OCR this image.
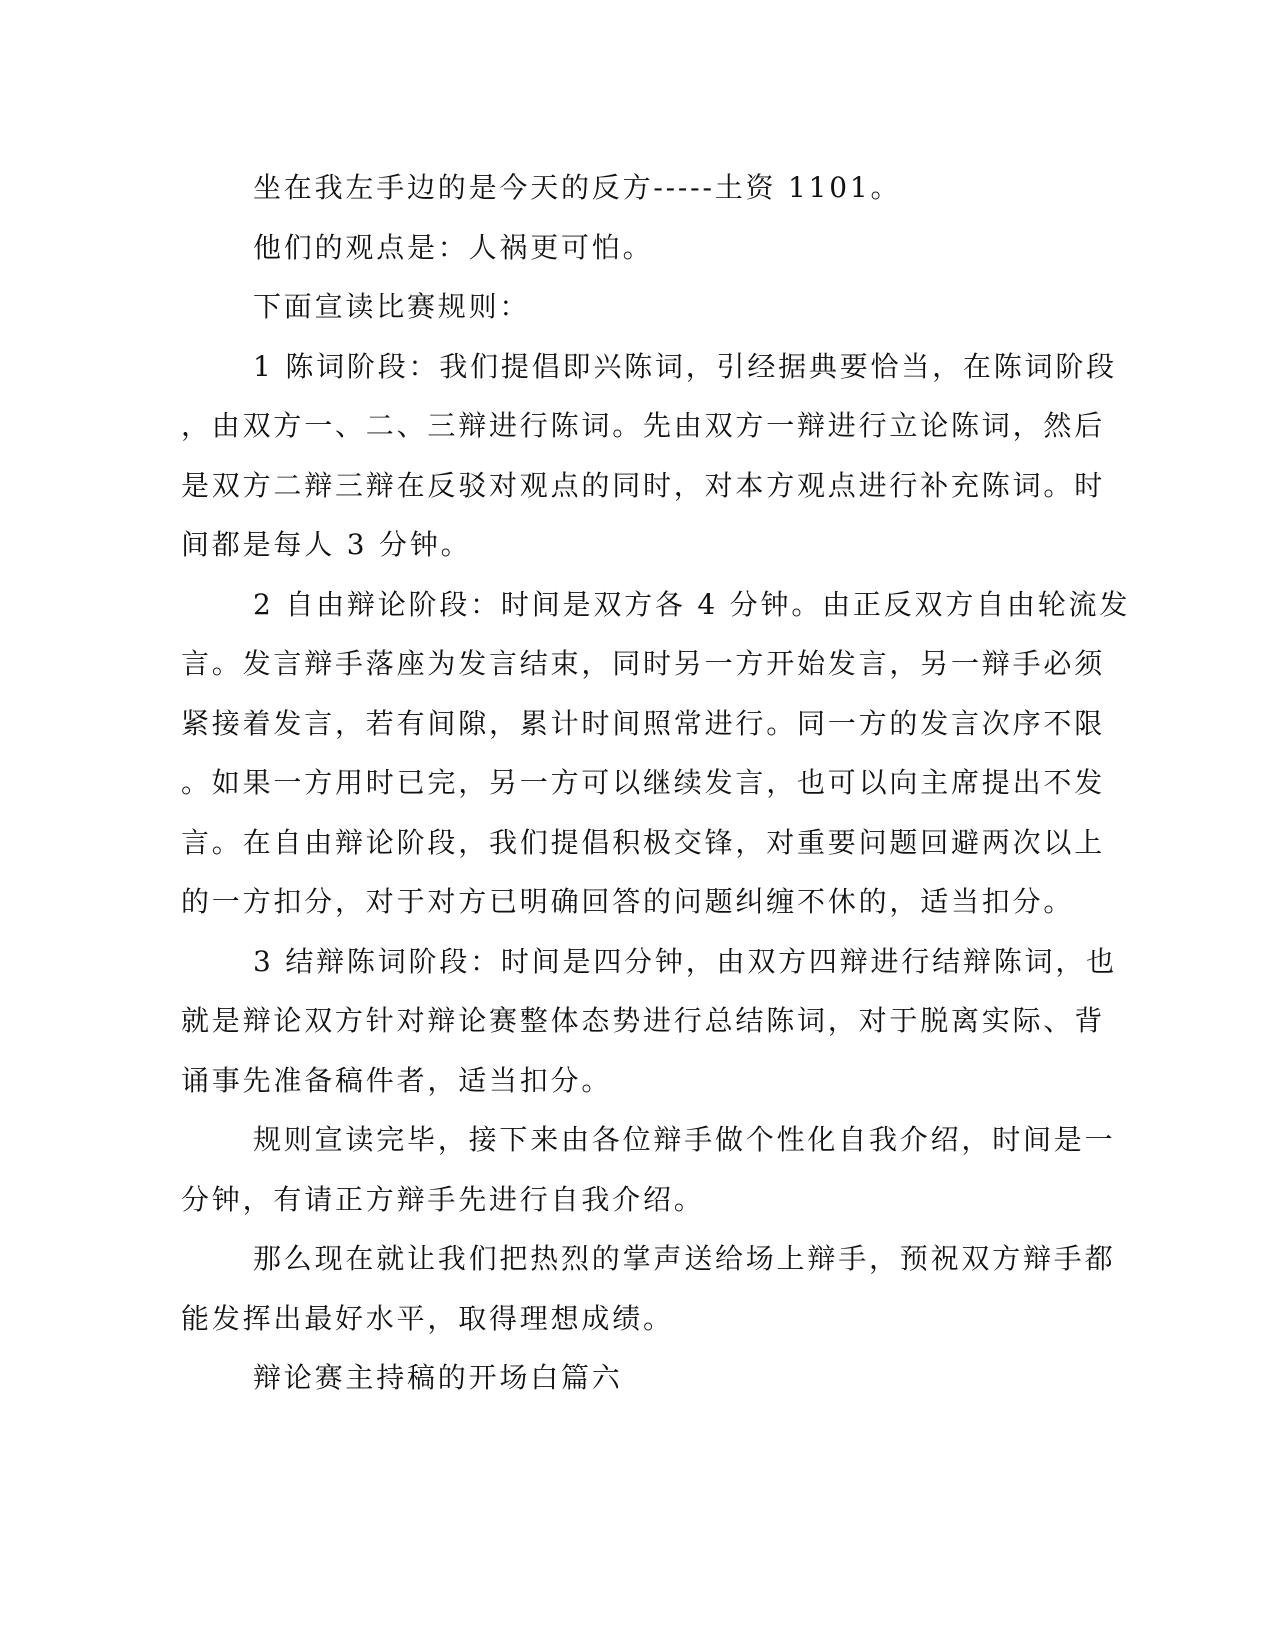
坐在我左手边的是今天的反方-----土资 1101。
他们的观点是：人祸更可怕。
下面宣读比赛规则：
1 陈词阶段：我们提倡即兴陈词，引经据典要恰当，在陈词阶段
，由双方一、二、三辩进行陈词。先由双方一辩进行立论陈词，然后
是双方二辩三辩在反驳对观点的同时，对本方观点进行补充陈词。时
间都是每人 3 分钟。
2 自由辩论阶段：时间是双方各 4 分钟。由正反双方自由轮流发
言。发言辩手落座为发言结束，同时另一方开始发言，另一辩手必须
紧接着发言，若有间隙，累计时间照常进行。同一方的发言次序不限
。如果一方用时已完，另一方可以继续发言，也可以向主席提出不发
言。在自由辩论阶段，我们提倡积极交锋，对重要问题回避两次以上
的一方扣分，对于对方已明确回答的问题纠缠不休的，适当扣分。
3 结辩陈词阶段：时间是四分钟，由双方四辩进行结辩陈词，也
就是辩论双方针对辩论赛整体态势进行总结陈词，对于脱离实际、背
诵事先准备稿件者，适当扣分。
规则宣读完毕，接下来由各位辩手做个性化自我介绍，时间是一
分钟，有请正方辩手先进行自我介绍。
那么现在就让我们把热烈的掌声送给场上辩手，预祝双方辩手都
能发挥出最好水平，取得理想成绩。
辩论赛主持稿的开场白篇六
